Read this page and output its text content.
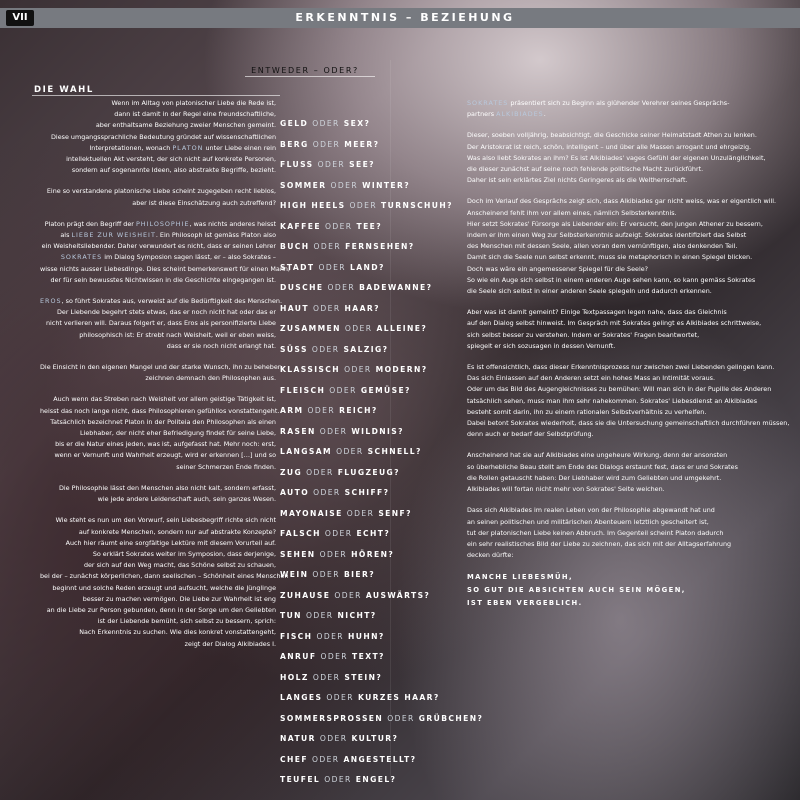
VII	ERKENNTNIS – BEZIEHUNG
ENTWEDER – ODER?
DIE WAHL
Wenn im Alltag von platonischer Liebe die Rede ist,
dann ist damit in der Regel eine freundschaftliche,
aber enthaltsame Beziehung zweier Menschen gemeint.
Diese umgangssprachliche Bedeutung gründet auf wissenschaftlichen
Interpretationen, wonach PLATON unter Liebe einen rein
intellektuellen Akt versteht, der sich nicht auf konkrete Personen,
sondern auf sogenannte Ideen, also abstrakte Begriffe, bezieht.
Eine so verstandene platonische Liebe scheint zugegeben recht lieblos,
aber ist diese Einschätzung auch zutreffend?
Platon prägt den Begriff der PHILOSOPHIE, was nichts anderes heisst
als LIEBE ZUR WEISHEIT. Ein Philosoph ist gemäss Platon also
ein Weisheitsliebender. Daher verwundert es nicht, dass er seinen Lehrer
SOKRATES im Dialog Symposion sagen lässt, er – also Sokrates –
wisse nichts ausser Liebesdinge. Dies scheint bemerkenswert für einen Mann,
der für sein bewusstes Nichtwissen in die Geschichte eingegangen ist.
EROS, so führt Sokrates aus, verweist auf die Bedürftigkeit des Menschen.
Der Liebende begehrt stets etwas, das er noch nicht hat oder das er
nicht verlieren will. Daraus folgert er, dass Eros als personifizierte Liebe
philosophisch ist: Er strebt nach Weisheit, weil er eben weiss,
dass er sie noch nicht erlangt hat.
Die Einsicht in den eigenen Mangel und der starke Wunsch, ihn zu beheben,
zeichnen demnach den Philosophen aus.
Auch wenn das Streben nach Weisheit vor allem geistige Tätigkeit ist,
heisst das noch lange nicht, dass Philosophieren gefühllos vonstattengeht.
Tatsächlich bezeichnet Platon in der Politeia den Philosophen als einen
Liebhaber, der nicht eher Befriedigung findet für seine Liebe,
bis er die Natur eines jeden, was ist, aufgefasst hat. Mehr noch: erst,
wenn er Vernunft und Wahrheit erzeugt, wird er erkennen […] und so
seiner Schmerzen Ende finden.
Die Philosophie lässt den Menschen also nicht kalt, sondern erfasst,
wie jede andere Leidenschaft auch, sein ganzes Wesen.
Wie steht es nun um den Vorwurf, sein Liebesbegriff richte sich nicht
auf konkrete Menschen, sondern nur auf abstrakte Konzepte?
Auch hier räumt eine sorgfältige Lektüre mit diesem Vorurteil auf.
So erklärt Sokrates weiter im Symposion, dass derjenige,
der sich auf den Weg macht, das Schöne selbst zu schauen,
bei der – zunächst körperlichen, dann seelischen – Schönheit eines Menschen
beginnt und solche Reden erzeugt und aufsucht, welche die Jünglinge
besser zu machen vermögen. Die Liebe zur Wahrheit ist eng
an die Liebe zur Person gebunden, denn in der Sorge um den Geliebten
ist der Liebende bemüht, sich selbst zu bessern, sprich:
Nach Erkenntnis zu suchen. Wie dies konkret vonstattengeht,
zeigt der Dialog Alkibiades I.
GELD ODER SEX?
BERG ODER MEER?
FLUSS ODER SEE?
SOMMER ODER WINTER?
HIGH HEELS ODER TURNSCHUH?
KAFFEE ODER TEE?
BUCH ODER FERNSEHEN?
STADT ODER LAND?
DUSCHE ODER BADEWANNE?
HAUT ODER HAAR?
ZUSAMMEN ODER ALLEINE?
SÜSS ODER SALZIG?
KLASSISCH ODER MODERN?
FLEISCH ODER GEMÜSE?
ARM ODER REICH?
RASEN ODER WILDNIS?
LANGSAM ODER SCHNELL?
ZUG ODER FLUGZEUG?
AUTO ODER SCHIFF?
MAYONAISE ODER SENF?
FALSCH ODER ECHT?
SEHEN ODER HÖREN?
WEIN ODER BIER?
ZUHAUSE ODER AUSWÄRTS?
TUN ODER NICHT?
FISCH ODER HUHN?
ANRUF ODER TEXT?
HOLZ ODER STEIN?
LANGES ODER KURZES HAAR?
SOMMERSPROSSEN ODER GRÜBCHEN?
NATUR ODER KULTUR?
CHEF ODER ANGESTELLT?
TEUFEL ODER ENGEL?
SOKRATES präsentiert sich zu Beginn als glühender Verehrer seines Gesprächs-
partners ALKIBIADES.
Dieser, soeben volljährig, beabsichtigt, die Geschicke seiner Heimatstadt Athen zu lenken.
Der Aristokrat ist reich, schön, intelligent – und über alle Massen arrogant und ehrgeizig.
Was also liebt Sokrates an ihm? Es ist Alkibiades' vages Gefühl der eigenen Unzulänglichkeit,
die dieser zunächst auf seine noch fehlende politische Macht zurückführt.
Daher ist sein erklärtes Ziel nichts Geringeres als die Weltherrschaft.
Doch im Verlauf des Gesprächs zeigt sich, dass Alkibiades gar nicht weiss, was er eigentlich will.
Anscheinend fehlt ihm vor allem eines, nämlich Selbsterkenntnis.
Hier setzt Sokrates' Fürsorge als Liebender ein: Er versucht, den jungen Athener zu bessern,
indem er ihm einen Weg zur Selbsterkenntnis aufzeigt. Sokrates identifiziert das Selbst
des Menschen mit dessen Seele, allen voran dem vernünftigen, also denkenden Teil.
Damit sich die Seele nun selbst erkennt, muss sie metaphorisch in einen Spiegel blicken.
Doch was wäre ein angemessener Spiegel für die Seele?
So wie ein Auge sich selbst in einem anderen Auge sehen kann, so kann gemäss Sokrates
die Seele sich selbst in einer anderen Seele spiegeln und dadurch erkennen.
Aber was ist damit gemeint? Einige Textpassagen legen nahe, dass das Gleichnis
auf den Dialog selbst hinweist. Im Gespräch mit Sokrates gelingt es Alkibiades schrittweise,
sich selbst besser zu verstehen. Indem er Sokrates' Fragen beantwortet,
spiegelt er sich sozusagen in dessen Vernunft.
Es ist offensichtlich, dass dieser Erkenntnisprozess nur zwischen zwei Liebenden gelingen kann.
Das sich Einlassen auf den Anderen setzt ein hohes Mass an Intimität voraus.
Oder um das Bild des Augengleichnisses zu bemühen: Will man sich in der Pupille des Anderen
tatsächlich sehen, muss man ihm sehr nahekommen. Sokrates' Liebesdienst an Alkibiades
besteht somit darin, ihn zu einem rationalen Selbstverhältnis zu verhelfen.
Dabei betont Sokrates wiederholt, dass sie die Untersuchung gemeinschaftlich durchführen müssen,
denn auch er bedarf der Selbstprüfung.
Anscheinend hat sie auf Alkibiades eine ungeheure Wirkung, denn der ansonsten
so überhebliche Beau stellt am Ende des Dialogs erstaunt fest, dass er und Sokrates
die Rollen getauscht haben: Der Liebhaber wird zum Geliebten und umgekehrt.
Alkibiades will fortan nicht mehr von Sokrates' Seite weichen.
Dass sich Alkibiades im realen Leben von der Philosophie abgewandt hat und
an seinen politischen und militärischen Abenteuern letztlich gescheitert ist,
tut der platonischen Liebe keinen Abbruch. Im Gegenteil scheint Platon dadurch
ein sehr realistisches Bild der Liebe zu zeichnen, das sich mit der Alltagserfahrung
decken dürfte:
MANCHE LIEBESMÜH,
SO GUT DIE ABSICHTEN AUCH SEIN MÖGEN,
IST EBEN VERGEBLICH.
